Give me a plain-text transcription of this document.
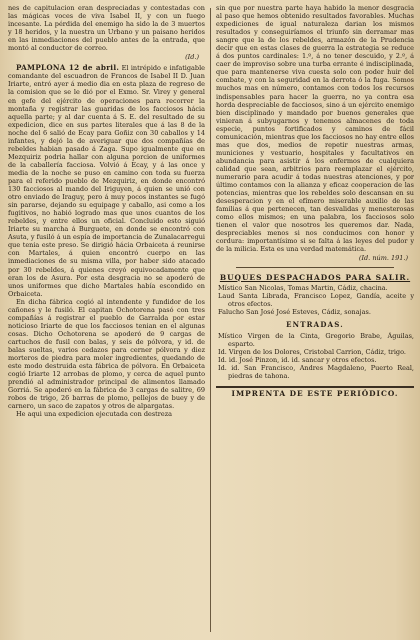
nes de capitulacion eran despreciadas y contestadas con las mágicas voces de viva Isabel II, y con un fuego incesante. La pérdida del enemigo ha sido la de 3 muertos y 18 heridos, y la nuestra un Urbano y un paisano heridos en las inmediaciones del pueblo antes de la entrada, que montó al conductor de correo.

(Id.)

PAMPLONA 12 de abril. El intrépido e infatigable comandante del escuadron de Francos de Isabel II D. Juan Iriarte, entró ayer á medio dia en esta plaza de regreso de la comision que se le dió por el Exmo. Sr. Virey y general en gefe del ejército de operaciones para recorrer la montaña y registrar las guaridas de los facciosos hácia aquella parte; y al dar cuenta á S. E. del resultado de su expedicion, dice en sus partes literales que á las 8 de la noche del 6 salió de Ecay para Goñiz con 30 caballos y 14 infantes, y dejó la de averiguar que dos compañías de rebeldes habian pasado á Zaga. Supo igualmente que en Mezquiriz podria hallar con alguna porcion de uniformes de la caballería facciosa. Volvió á Ecay, y á las once y media de la noche se puso en camino con toda su fuerza para el referido pueblo de Mezquiriz, en donde encontró 130 facciosos al mando del Iriguyen, á quien se unió con otro enviado de Iraguy, pero á muy pocos instantes se fugó sin pararse, dejando su equipage y caballo, asi como a los fugitivos, no habió logrado mas que unos cuantos de los rebeldes, y entre ellos un oficial. Concluido esto siguió Iriarte su marcha á Burguete, en donde se encontró con Asuta, y fusiló á un espía de importancia de Zunalacarregui que tenia este preso. Se dirigió hácia Orbaiceta á reunirse con Martales, á quien encontró cuerpo en las inmediaciones de su misma villa, por haber sido atacado por 30 rebeldes, á quienes creyó equivocadamente que eran los de Asura. Por esta desgracia no se apoderó de unos uniformes que dicho Martales había escondido en Orbaiceta.

En dicha fábrica cogió al intendente y fundidor de los cañones y le fusiló. El capitan Ochotorena pasó con tres compañías á registrar el pueblo de Garralda por estar noticioso Iriarte de que los facciosos tenian en el algunas cosas. Dicho Ochotorena se apoderó de 9 cargas de cartuchos de fusil con balas, y seis de pólvora, y id. de balas sueltas, varios cedazos para cerner pólvora y diez morteros de piedra para moler ingredientes, quedando de este modo destruida esta fábrica de pólvora. En Orbaiceta cogió Iriarte 12 arrobas de plomo, y cerca de aquel punto prendió al administrador principal de alimentos llamado Gorriá. Se apoderó en la fábrica de 3 cargas de salitre, 69 robos de trigo, 26 barras de plomo, pellejos de buey y de carnero, un saco de zapatos y otros de alpargatas.

He aqui una expedicion ejecutada con destreza

sin que por nuestra parte haya habido la menor desgracia al paso que hemos obtenido resultados favorables. Muchas expediciones de igual naturaleza darian los mismos resultados y conseguiríamos el triunfo sin derramar mas sangre que la de los rebeldes, armazón de la Prudencia decir que en estas clases de guerra la estrategia se reduce á dos puntos cardinales: 1.º, á no tener descuido, y 2.º, á caer de improviso sobre una turba errante é indisciplinada, que para mantenerse viva cuesta solo con poder huir del combate, y con la seguridad en la derrota ó la fuga. Somos muchos mas en número, contamos con todos los recursos indispensables para hacer la guerra, no ya contra esa horda despreciable de facciosos, sino á un ejército enemigo bien disciplinado y mandado por buenos generales que vinieran á subyugarnos y tenemos almacenes de toda especie, puntos fortificados y caminos de fácil comunicación, mientras que los facciosos no hay entre ellos mas que dos, medios de repetir nuestras armas, municiones y vestuario, hospitales y facultativos en abundancia para asistir á los enfermos de cualquiera calidad que sean, arbitrios para reemplazar el ejército, numerario para acudir á todas nuestras atenciones, y por último contamos con la alianza y eficaz cooperacion de las potencias, mientras que los rebeldes solo descansan en su desesperacion y en el efímero miserable auxilio de las familias á que pertenecen, tan desvalidas y menesterosas como ellos mismos; en una palabra, los facciosos solo tienen el valor que nosotros les queremos dar. Nada, despreciables menos si nos conducimos con honor y cordura: importantísimo si se falta á las leyes del pudor y de la milicia. Esta es una verdad matemática.

(Id. núm. 191.)
BUQUES DESPACHADOS PARA SALIR.

Místico San Nicolas, Tomas Martin, Cádiz, chacina.

Laud Santa Librada, Francisco Lopez, Gandía, aceite y otros efectos.

Falucho San José José Esteves, Cádiz, sonajas.

ENTRADAS.

Místico Virgen de la Cinta, Gregorio Brabe, Águilas, esparto.

Id. Virgen de los Dolores, Cristobal Carrion, Cádiz, trigo.

Id. id. José Pinzon, id. id. sancar y otros efectos.

Id. id. San Francisco, Andres Magdaleno, Puerto Real, piedras de tahona.

IMPRENTA DE ESTE PERIÓDICO.
